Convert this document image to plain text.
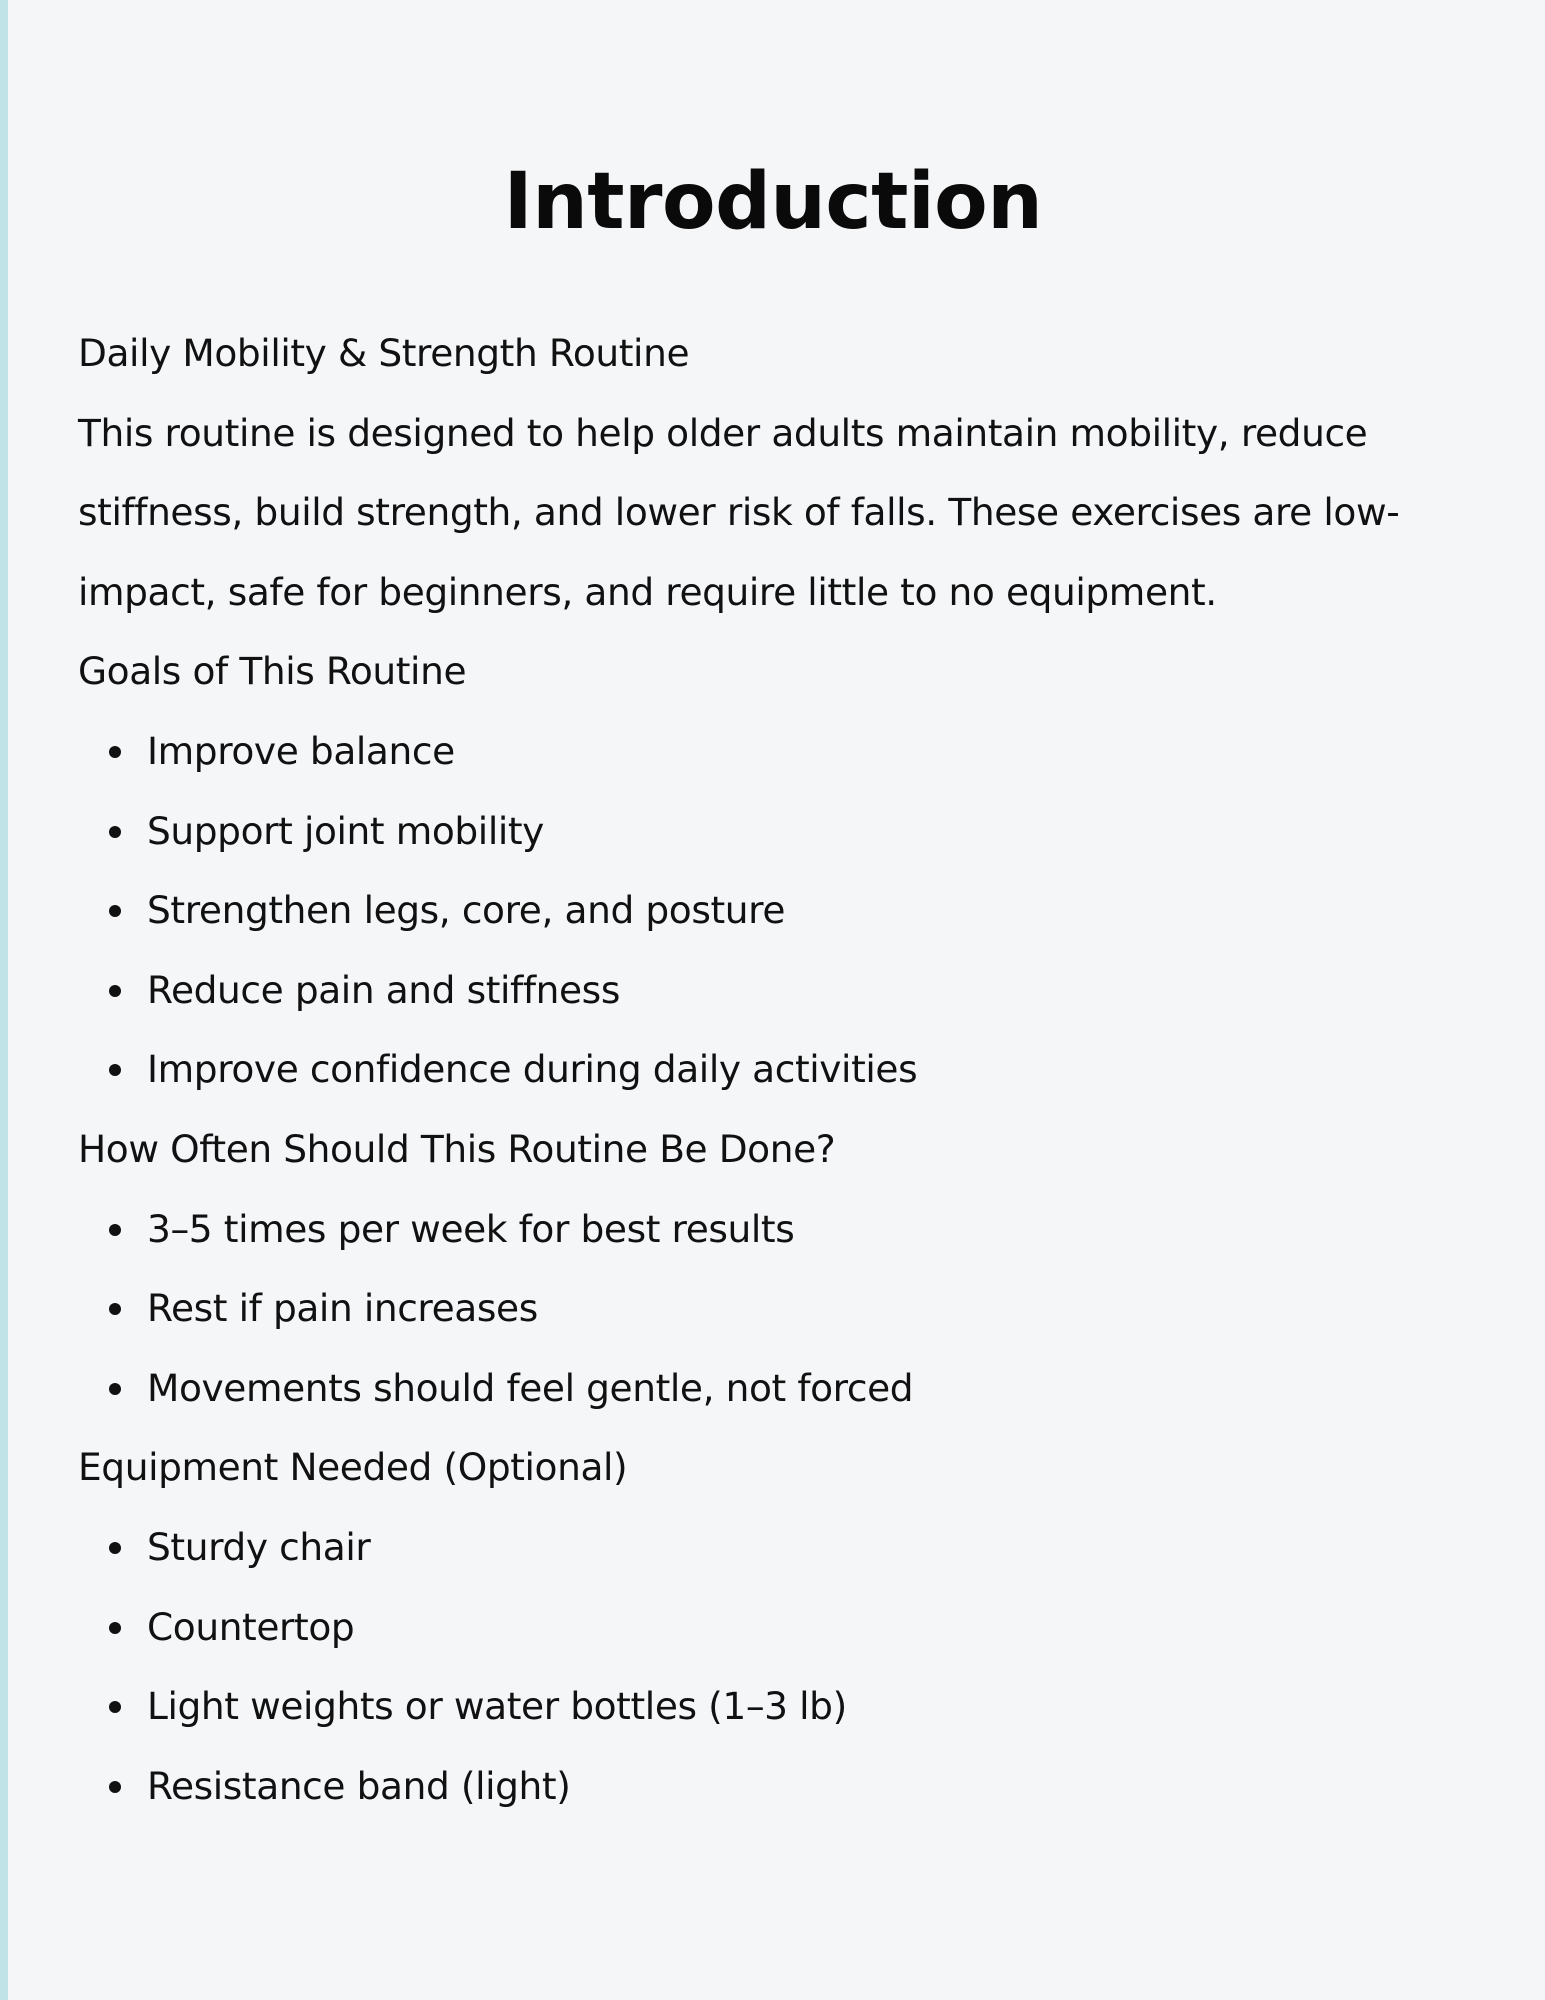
Introduction

Daily Mobility & Strength Routine

This routine is designed to help older adults maintain mobility, reduce

stiffness, build strength, and lower risk of falls. These exercises are low-

impact, safe for beginners, and require little to no equipment.

Goals of This Routine

Improve balance
Support joint mobility
Strengthen legs, core, and posture
Reduce pain and stiffness
Improve confidence during daily activities

How Often Should This Routine Be Done?

3–5 times per week for best results
Rest if pain increases
Movements should feel gentle, not forced

Equipment Needed (Optional)

Sturdy chair
Countertop
Light weights or water bottles (1–3 lb)
Resistance band (light)
